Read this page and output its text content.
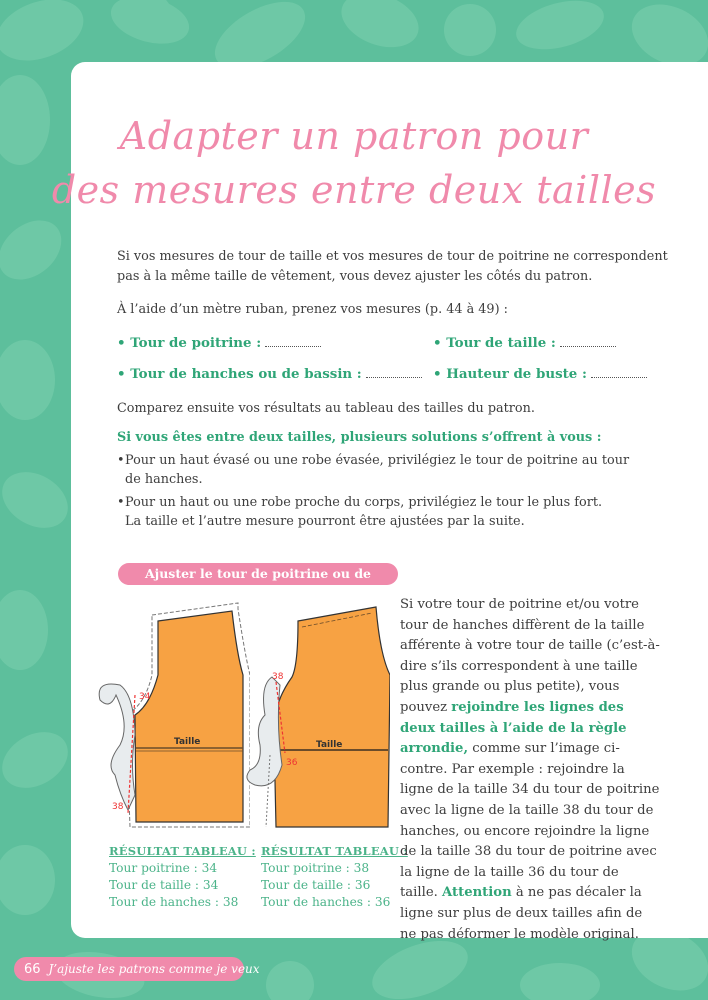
Adapter un patron pour
des mesures entre deux tailles
Si vos mesures de tour de taille et vos mesures de tour de poitrine ne correspondent
pas à la même taille de vêtement, vous devez ajuster les côtés du patron.
À l’aide d’un mètre ruban, prenez vos mesures (p. 44 à 49) :
• Tour de poitrine :	• Tour de taille :
• Tour de hanches ou de bassin :	• Hauteur de buste :
Comparez ensuite vos résultats au tableau des tailles du patron.
Si vous êtes entre deux tailles, plusieurs solutions s’offrent à vous :
• Pour un haut évasé ou une robe évasée, privilégiez le tour de poitrine au tour
de hanches.
• Pour un haut ou une robe proche du corps, privilégiez le tour le plus fort.
La taille et l’autre mesure pourront être ajustées par la suite.
Ajuster le tour de poitrine ou de hanches
34
38
Taille
38
36
Taille
RÉSULTAT TABLEAU :
Tour poitrine : 34
Tour de taille : 34
Tour de hanches : 38
RÉSULTAT TABLEAU :
Tour poitrine : 38
Tour de taille : 36
Tour de hanches : 36
Si votre tour de poitrine et/ou votre tour de hanches diffèrent de la taille afférente à votre tour de taille (c’est-à-dire s’ils correspondent à une taille plus grande ou plus petite), vous pouvez rejoindre les lignes des deux tailles à l’aide de la règle arrondie, comme sur l’image ci-contre. Par exemple : rejoindre la ligne de la taille 34 du tour de poitrine avec la ligne de la taille 38 du tour de hanches, ou encore rejoindre la ligne de la taille 38 du tour de poitrine avec la ligne de la taille 36 du tour de taille. Attention à ne pas décaler la ligne sur plus de deux tailles afin de ne pas déformer le modèle original.
66 J’ajuste les patrons comme je veux
